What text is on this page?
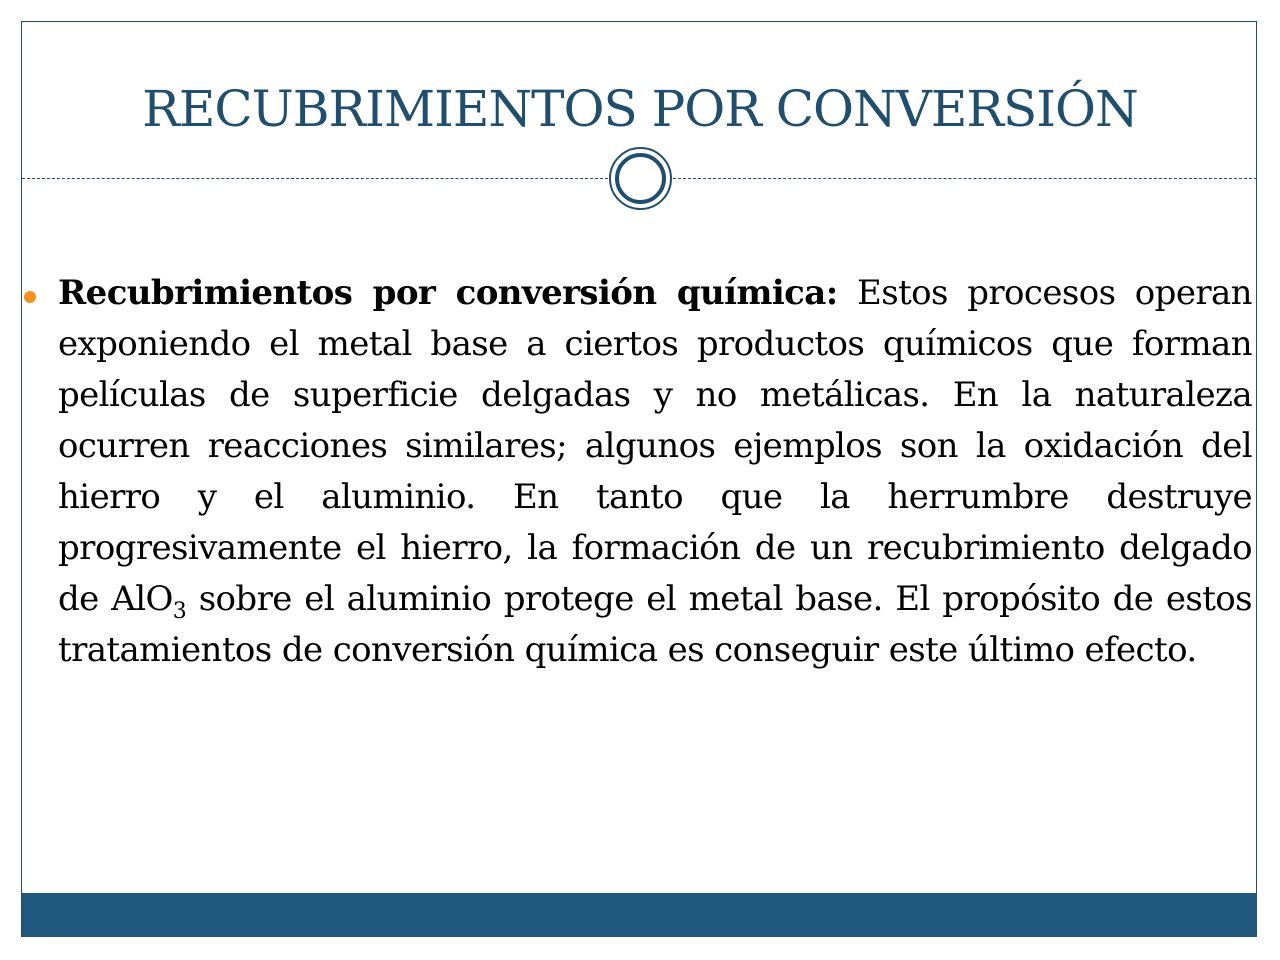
RECUBRIMIENTOS POR CONVERSIÓN
Recubrimientos por conversión química: Estos procesos operan exponiendo el metal base a ciertos productos químicos que forman películas de superficie delgadas y no metálicas. En la naturaleza ocurren reacciones similares; algunos ejemplos son la oxidación del hierro y el aluminio. En tanto que la herrumbre destruye progresivamente el hierro, la formación de un recubrimiento delgado de AlO$_3$ sobre el aluminio protege el metal base. El propósito de estos tratamientos de conversión química es conseguir este último efecto.
